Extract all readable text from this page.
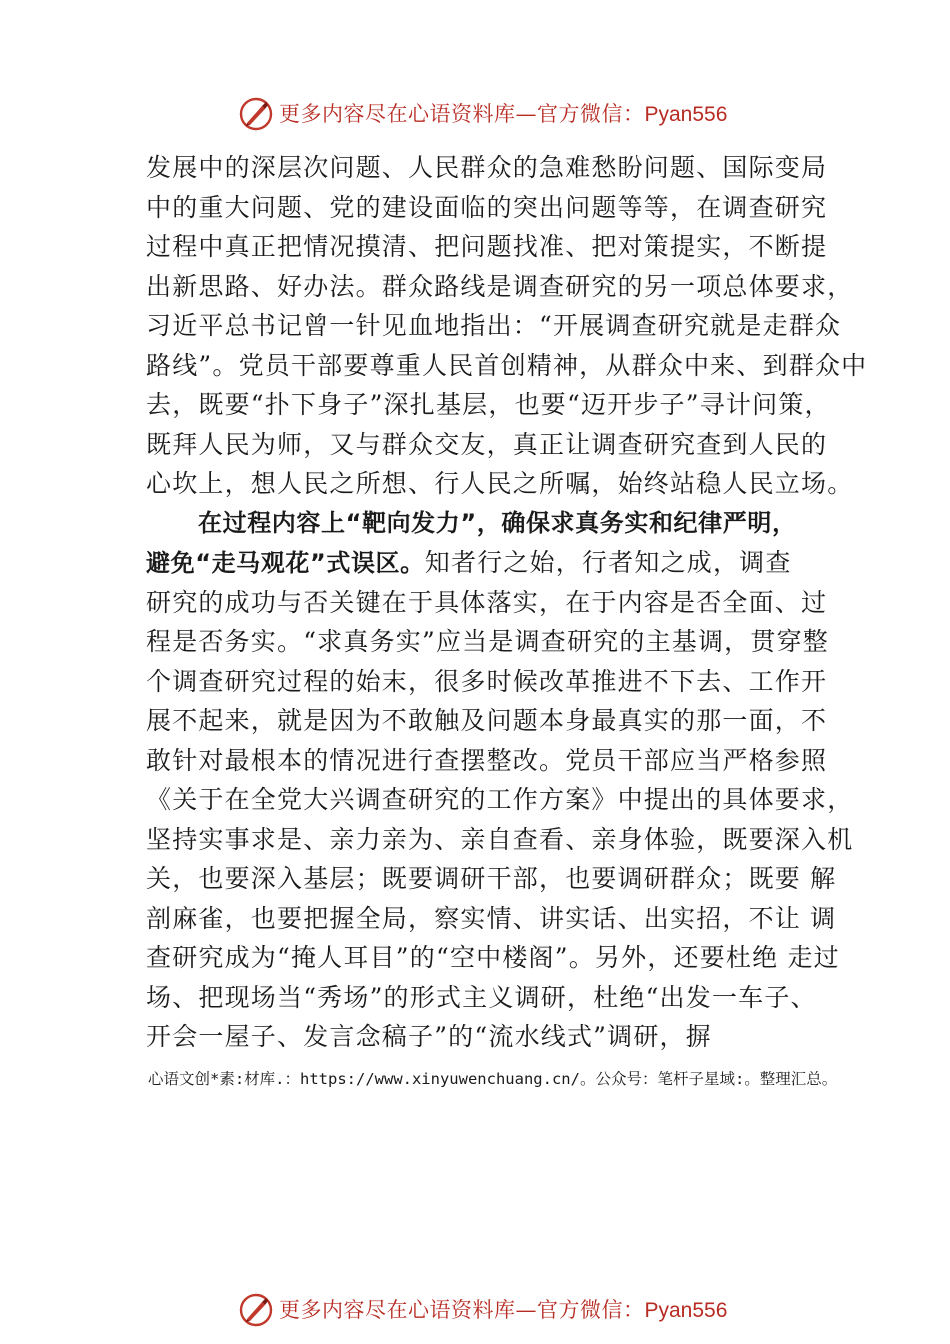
更多内容尽在心语资料库—官方微信：Pyan556
发展中的深层次问题、人民群众的急难愁盼问题、国际变局
中的重大问题、党的建设面临的突出问题等等，在调查研究
过程中真正把情况摸清、把问题找准、把对策提实，不断提
出新思路、好办法。群众路线是调查研究的另一项总体要求，
习近平总书记曾一针见血地指出：“开展调查研究就是走群众
路线”。党员干部要尊重人民首创精神，从群众中来、到群众中
去，既要“扑下身子”深扎基层，也要“迈开步子”寻计问策，
既拜人民为师，又与群众交友，真正让调查研究查到人民的
心坎上，想人民之所想、行人民之所嘱，始终站稳人民立场。
在过程内容上“靶向发力”，确保求真务实和纪律严明，
避免“走马观花”式误区。知者行之始，行者知之成，调查
研究的成功与否关键在于具体落实，在于内容是否全面、过
程是否务实。“求真务实”应当是调查研究的主基调，贯穿整
个调查研究过程的始末，很多时候改革推进不下去、工作开
展不起来，就是因为不敢触及问题本身最真实的那一面，不
敢针对最根本的情况进行查摆整改。党员干部应当严格参照
《关于在全党大兴调查研究的工作方案》中提出的具体要求，
坚持实事求是、亲力亲为、亲自查看、亲身体验，既要深入机
关，也要深入基层；既要调研干部，也要调研群众；既要 解
剖麻雀，也要把握全局，察实情、讲实话、出实招，不让 调
查研究成为“掩人耳目”的“空中楼阁”。另外，还要杜绝 走过
场、把现场当“秀场”的形式主义调研，杜绝“出发一车子、
开会一屋子、发言念稿子”的“流水线式”调研，摒
心语文创*素:材库.：https://www.xinyuwenchuang.cn/。公众号：笔杆子星域:。整理汇总。
更多内容尽在心语资料库—官方微信：Pyan556
